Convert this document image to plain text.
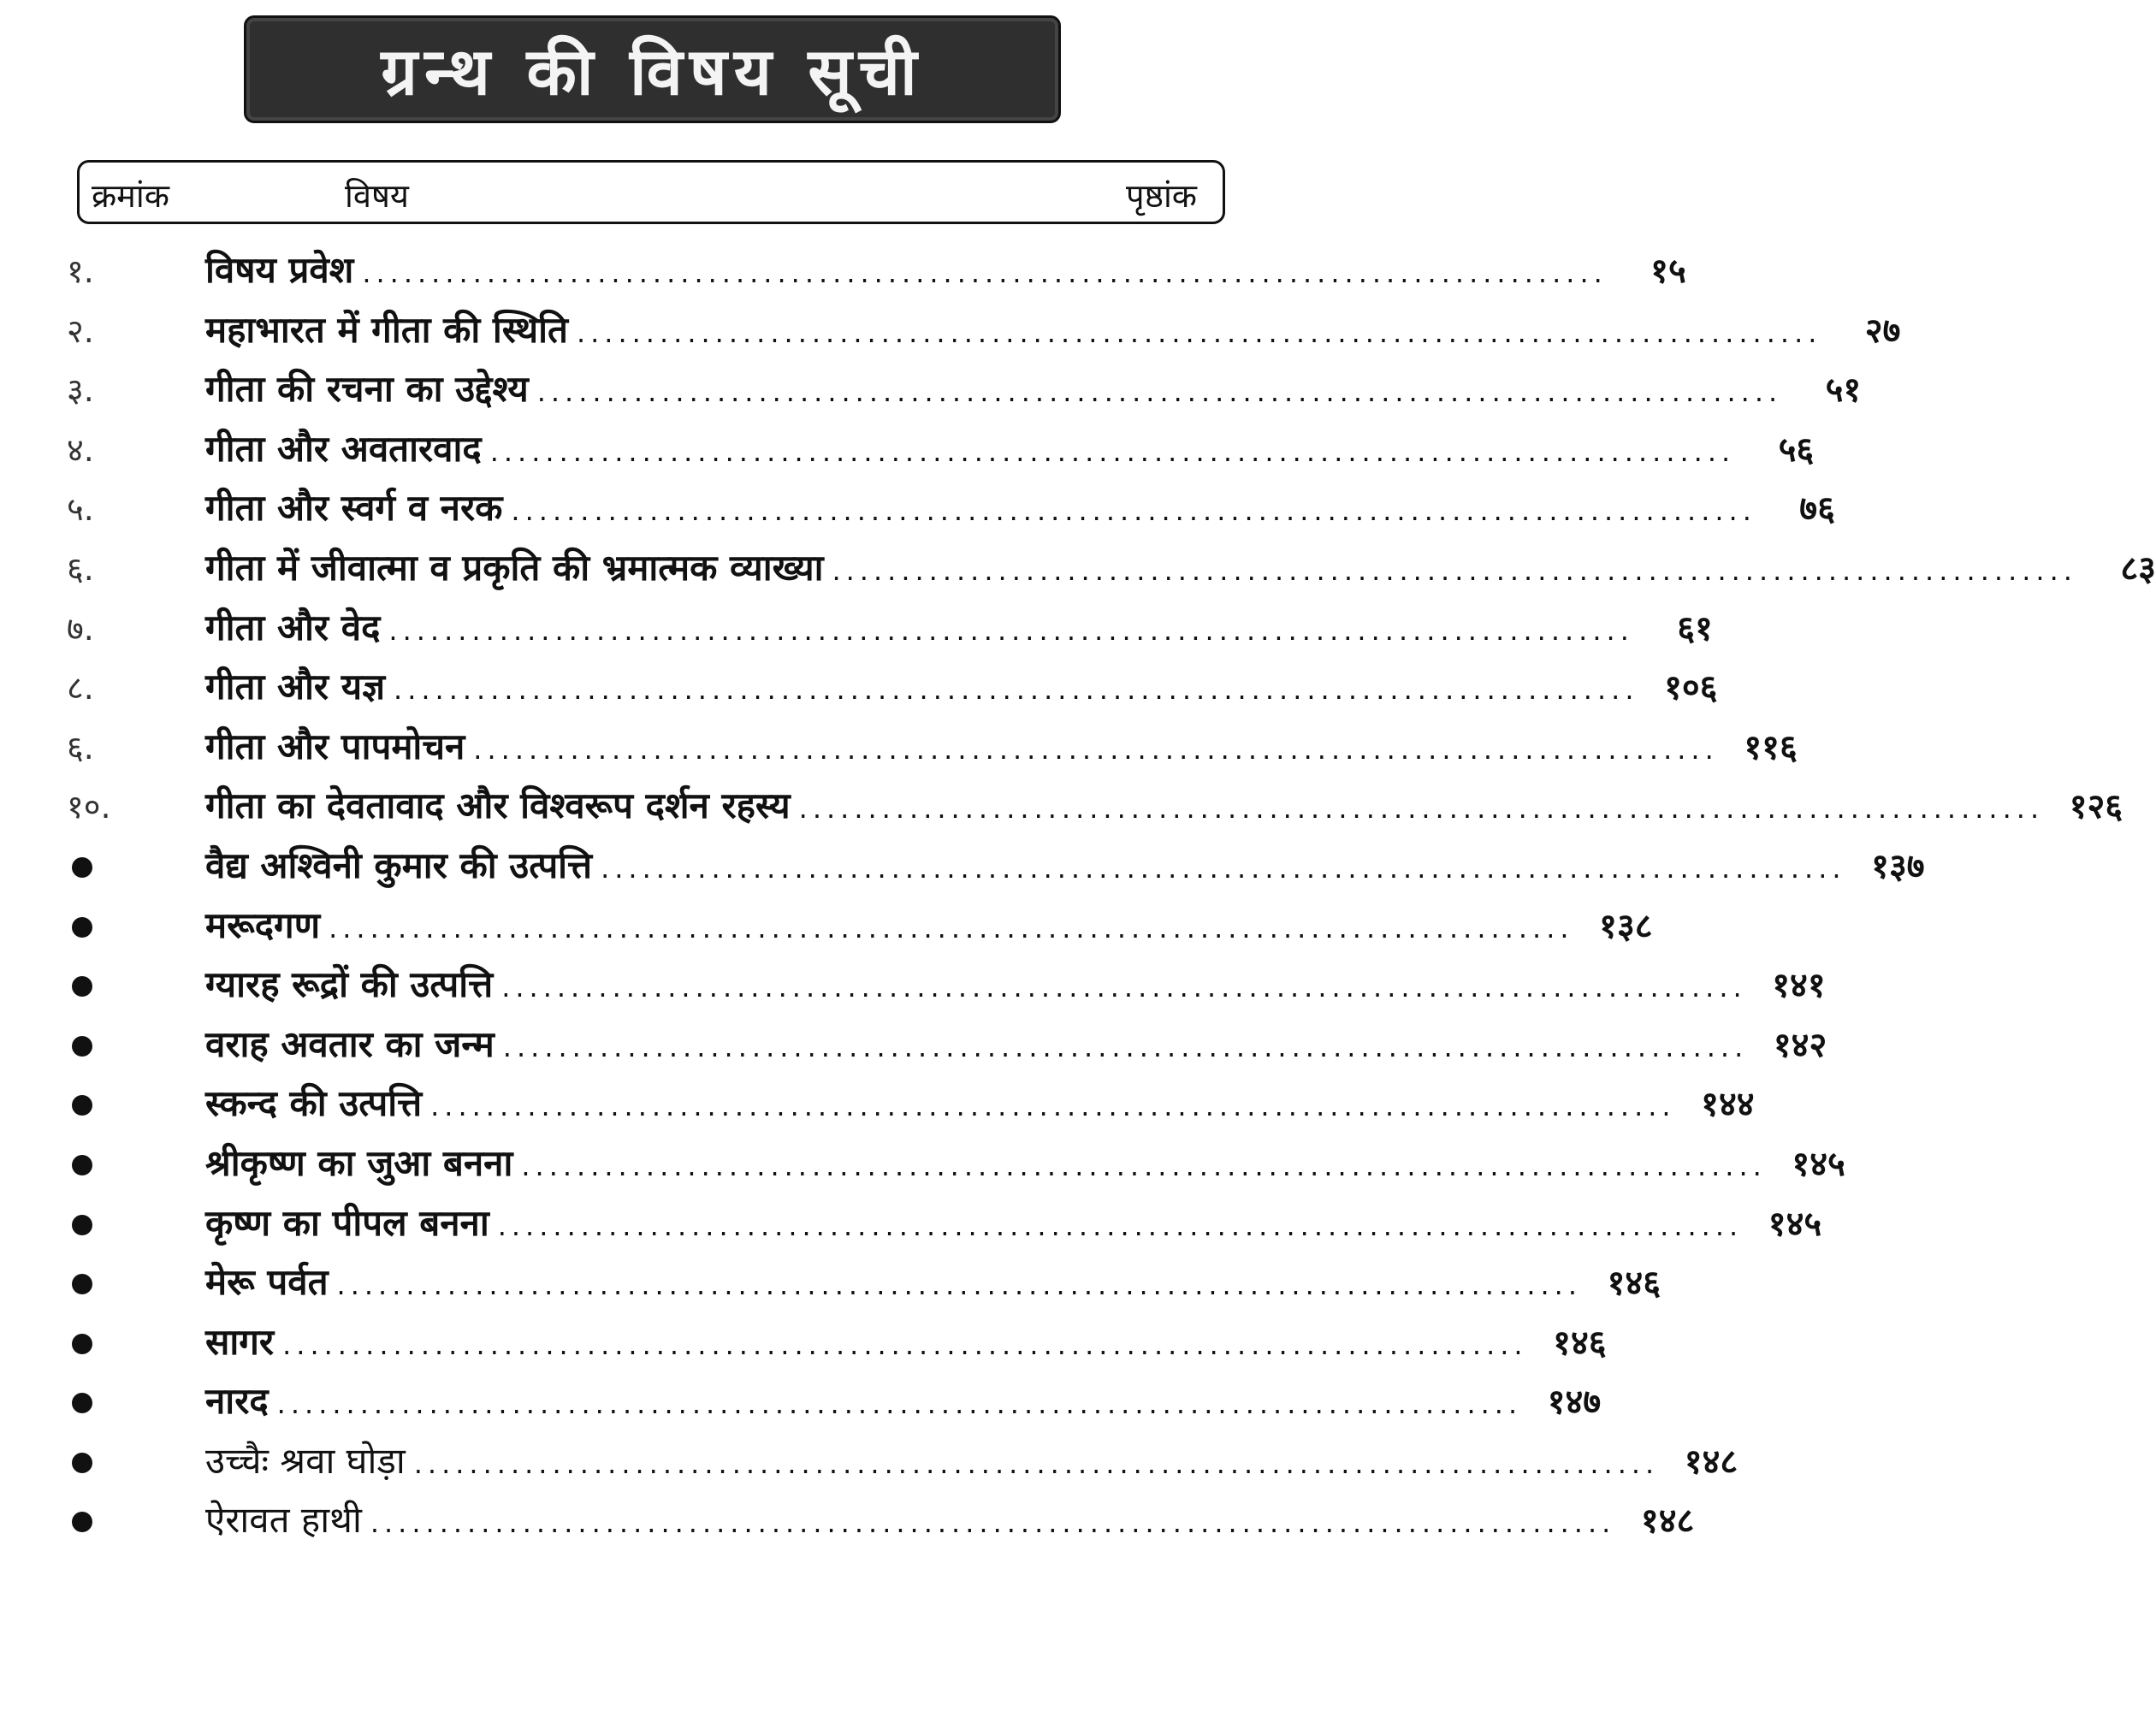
ग्रन्थ की विषय सूची
क्रमांक	विषय	पृष्ठांक
१.	विषय प्रवेश ..........................................................................................	१५
२.	महाभारत में गीता की स्थिति ..........................................................................................	२७
३.	गीता की रचना का उद्देश्य ..........................................................................................	५१
४.	गीता और अवतारवाद ..........................................................................................	५६
५.	गीता और स्वर्ग व नरक ..........................................................................................	७६
६.	गीता में जीवात्मा व प्रकृति की भ्रमात्मक व्याख्या ..........................................................................................	८३
७.	गीता और वेद ..........................................................................................	६१
८.	गीता और यज्ञ .......................................................................................... १०६
६.	गीता और पापमोचन .......................................................................................... ११६
१०.	गीता का देवतावाद और विश्वरूप दर्शन रहस्य .......................................................................................... १२६
वैद्य अश्विनी कुमार की उत्पत्ति .......................................................................................... १३७
मरूदगण .......................................................................................... १३८
ग्यारह रूद्रों की उत्पत्ति .......................................................................................... १४१
वराह अवतार का जन्म .......................................................................................... १४२
स्कन्द की उत्पत्ति .......................................................................................... १४४
श्रीकृष्ण का जुआ बनना .......................................................................................... १४५
कृष्ण का पीपल बनना .......................................................................................... १४५
मेरू पर्वत .......................................................................................... १४६
सागर .......................................................................................... १४६
नारद .......................................................................................... १४७
उच्चैः श्रवा घोड़ा .......................................................................................... १४८
ऐरावत हाथी .......................................................................................... १४८
